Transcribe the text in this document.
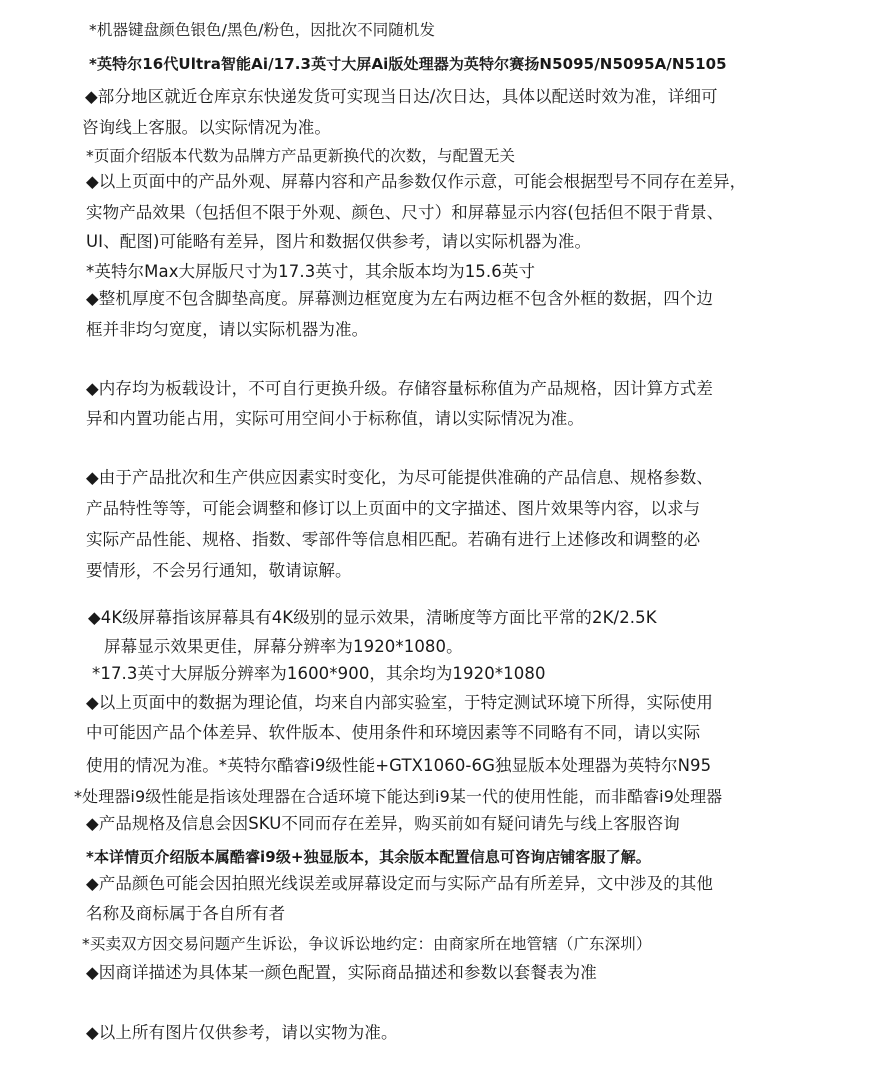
*机器键盘颜色银色/黑色/粉色，因批次不同随机发
*英特尔16代Ultra智能Ai/17.3英寸大屏Ai版处理器为英特尔赛扬N5095/N5095A/N5105
◆部分地区就近仓库京东快递发货可实现当日达/次日达，具体以配送时效为准，详细可
咨询线上客服。以实际情况为准。
*页面介绍版本代数为品牌方产品更新换代的次数，与配置无关
◆以上页面中的产品外观、屏幕内容和产品参数仅作示意，可能会根据型号不同存在差异，
实物产品效果（包括但不限于外观、颜色、尺寸）和屏幕显示内容(包括但不限于背景、
UI、配图)可能略有差异，图片和数据仅供参考，请以实际机器为准。
*英特尔Max大屏版尺寸为17.3英寸，其余版本均为15.6英寸
◆整机厚度不包含脚垫高度。屏幕测边框宽度为左右两边框不包含外框的数据，四个边
框并非均匀宽度，请以实际机器为准。
◆内存均为板载设计，不可自行更换升级。存储容量标称值为产品规格，因计算方式差
异和内置功能占用，实际可用空间小于标称值，请以实际情况为准。
◆由于产品批次和生产供应因素实时变化，为尽可能提供准确的产品信息、规格参数、
产品特性等等，可能会调整和修订以上页面中的文字描述、图片效果等内容，以求与
实际产品性能、规格、指数、零部件等信息相匹配。若确有进行上述修改和调整的必
要情形，不会另行通知，敬请谅解。
◆4K级屏幕指该屏幕具有4K级别的显示效果，清晰度等方面比平常的2K/2.5K
屏幕显示效果更佳，屏幕分辨率为1920*1080。
*17.3英寸大屏版分辨率为1600*900，其余均为1920*1080
◆以上页面中的数据为理论值，均来自内部实验室，于特定测试环境下所得，实际使用
中可能因产品个体差异、软件版本、使用条件和环境因素等不同略有不同，请以实际
使用的情况为准。*英特尔酷睿i9级性能+GTX1060-6G独显版本处理器为英特尔N95
*处理器i9级性能是指该处理器在合适环境下能达到i9某一代的使用性能，而非酷睿i9处理器
◆产品规格及信息会因SKU不同而存在差异，购买前如有疑问请先与线上客服咨询
*本详情页介绍版本属酷睿i9级+独显版本，其余版本配置信息可咨询店铺客服了解。
◆产品颜色可能会因拍照光线误差或屏幕设定而与实际产品有所差异，文中涉及的其他
名称及商标属于各自所有者
*买卖双方因交易问题产生诉讼，争议诉讼地约定：由商家所在地管辖（广东深圳）
◆因商详描述为具体某一颜色配置，实际商品描述和参数以套餐表为准
◆以上所有图片仅供参考，请以实物为准。
